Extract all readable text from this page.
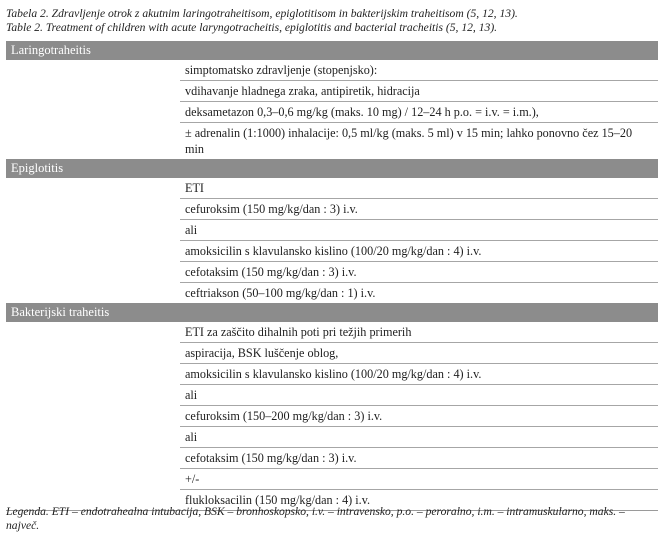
Tabela 2. Zdravljenje otrok z akutnim laringotraheitisom, epiglotitisom in bakterijskim traheitisom (5, 12, 13).
Table 2. Treatment of children with acute laryngotracheitis, epiglotitis and bacterial tracheitis (5, 12, 13).
Laringotraheitis
simptomatsko zdravljenje (stopenjsko):
vdihavanje hladnega zraka, antipiretik, hidracija
deksametazon 0,3–0,6 mg/kg (maks. 10 mg) / 12–24 h p.o. = i.v. = i.m.),
± adrenalin (1:1000) inhalacije: 0,5 ml/kg (maks. 5 ml) v 15 min; lahko ponovno čez 15–20 min
Epiglotitis
ETI
cefuroksim (150 mg/kg/dan : 3) i.v.
ali
amoksicilin s klavulansko kislino (100/20 mg/kg/dan : 4) i.v.
cefotaksim (150 mg/kg/dan : 3) i.v.
ceftriakson (50–100 mg/kg/dan : 1) i.v.
Bakterijski traheitis
ETI za zaščito dihalnih poti pri težjih primerih
aspiracija, BSK luščenje oblog,
amoksicilin s klavulansko kislino (100/20 mg/kg/dan : 4) i.v.
ali
cefuroksim (150–200 mg/kg/dan : 3) i.v.
ali
cefotaksim (150 mg/kg/dan : 3) i.v.
+/-
flukloksacilin (150 mg/kg/dan : 4) i.v.
Legenda. ETI – endotrahealna intubacija, BSK – bronhoskopsko, i.v. – intravensko, p.o. – peroralno, i.m. – intramuskularno, maks. – največ.
